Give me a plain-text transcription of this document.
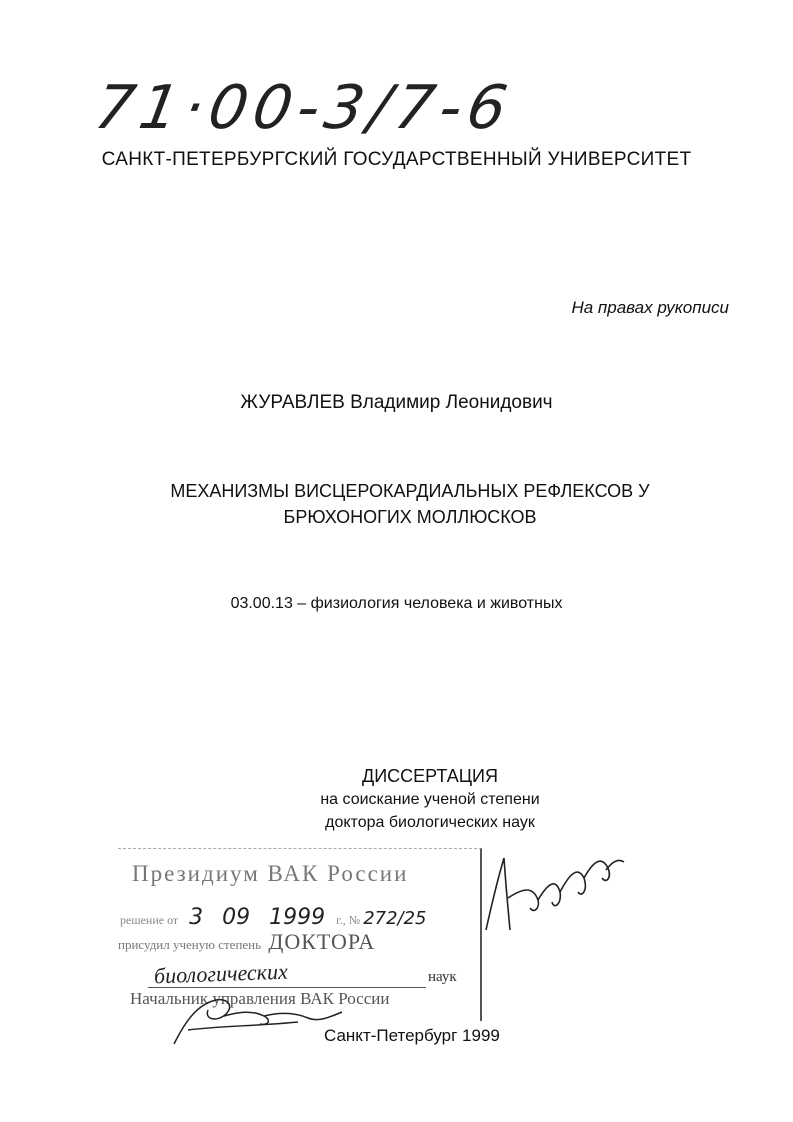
71·00-3/7-6
САНКТ-ПЕТЕРБУРГСКИЙ ГОСУДАРСТВЕННЫЙ УНИВЕРСИТЕТ
На правах рукописи
ЖУРАВЛЕВ Владимир Леонидович
МЕХАНИЗМЫ ВИСЦЕРОКАРДИАЛЬНЫХ РЕФЛЕКСОВ У
БРЮХОНОГИХ МОЛЛЮСКОВ
03.00.13 – физиология человека и животных
ДИССЕРТАЦИЯ
на соискание ученой степени
доктора биологических наук
Президиум ВАК России
решение от 3 09 1999 г., № 272/25
присудил ученую степень ДОКТОРА
биологических	наук
Начальник управления ВАК России
Санкт-Петербург 1999
